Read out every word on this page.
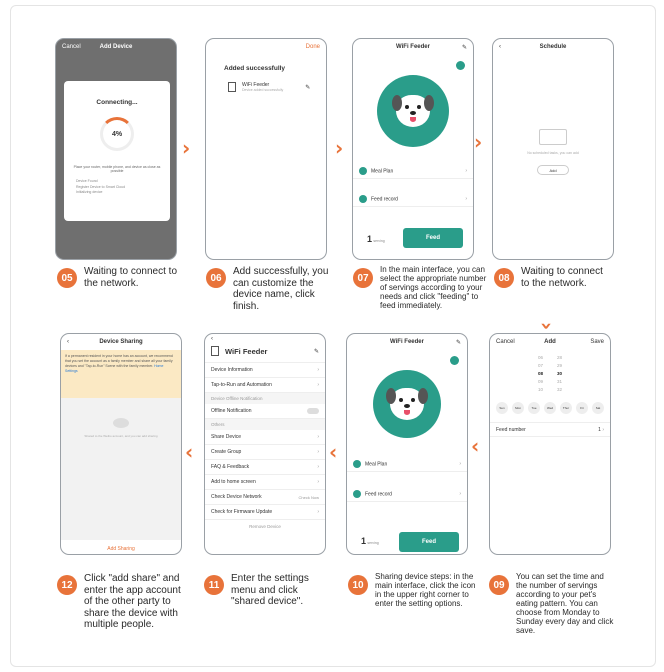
Cancel	Add Device
Connecting...
4%
Place your router, mobile phone, and device as close as possible
Device Found
Register Device to Smart Cloud
Initializing device
›
Done
Added successfully
WiFi Feeder
Device added successfully	✎
›
WiFi Feeder	✎
Meal Plan	›
Feed record	›
1 serving	Feed
›
‹	Schedule
No scheduled tasks, you can add
Add
05
Waiting to connect to the network.	06
Add successfully, you can customize the device name, click finish.
07
In the main interface, you can select the appropriate number of servings according to your needs and click "feeding" to feed immediately.
08
Waiting to connect to the network.
›
‹	Device Sharing
If a permanent resident in your home has an account, we recommend that you set the account as a family member and share all your family devices and "Tap-to-Run" Scene with the family member. Home Settings
Shared to the Weibo account, and you can add sharing
Add Sharing
‹
‹
WiFi Feeder	✎
Device Information	›
Tap-to-Run and Automation	›
Device Offline Notification
Offline Notification
Others
Share Device	›
Create Group	›
FAQ & Feedback	›
Add to home screen	›
Check Device Network	Check Now
Check for Firmware Update	›
Remove Device
‹
WiFi Feeder	✎
Meal Plan	›
Feed record	›
1 serving	Feed
‹
Cancel	Add	Save
06
07
08
09
10
28
29
30
31
32
Sun	Mon	Tue	Wed	Thur	Fri	Sat
Feed number	1 ›
12
Click "add share" and enter the app account of the other party to share the device with multiple people.
11
Enter the settings menu and click "shared device".
10
Sharing device steps: in the main interface, click the icon in the upper right corner to enter the setting options.
09
You can set the time and the number of servings according to your pet's eating pattern. You can choose from Monday to Sunday every day and click save.
